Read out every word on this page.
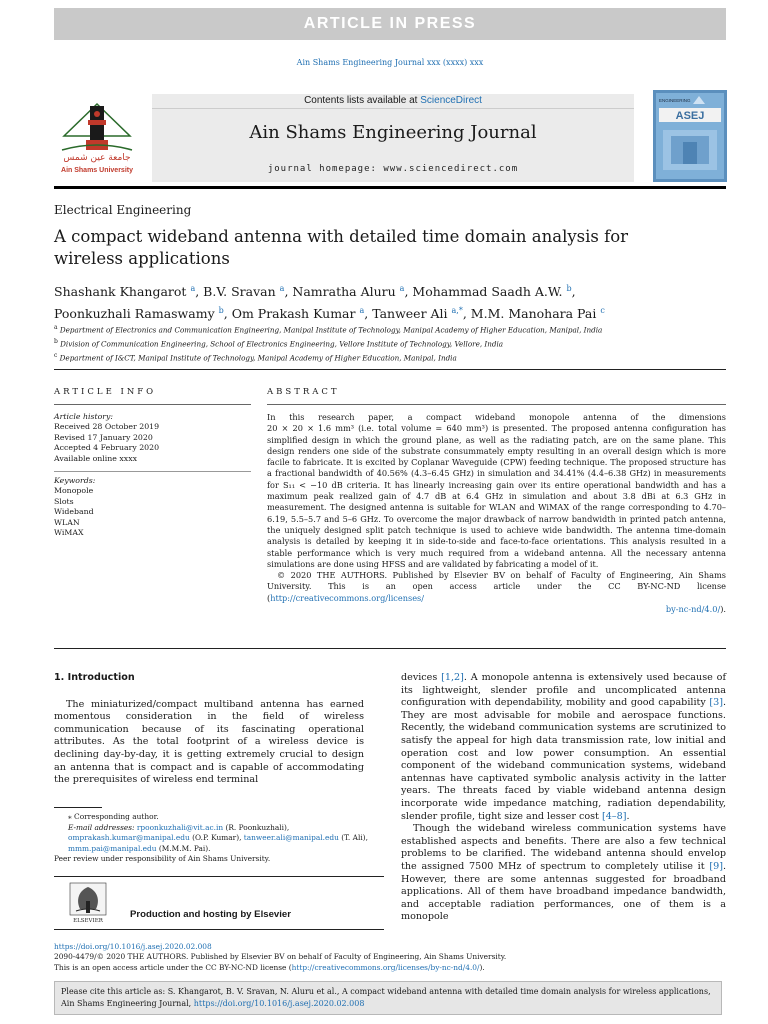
ARTICLE IN PRESS
Ain Shams Engineering Journal xxx (xxxx) xxx
جامعة عين شمس
Ain Shams University
Contents lists available at ScienceDirect
Ain Shams Engineering Journal
journal homepage: www.sciencedirect.com
ENGINEERING
ASEJ
Electrical Engineering
A compact wideband antenna with detailed time domain analysis for wireless applications
Shashank Khangarot $^a$, B.V. Sravan $^a$, Namratha Aluru $^a$, Mohammad Saadh A.W. $^b$,
Poonkuzhali Ramaswamy $^b$, Om Prakash Kumar $^a$, Tanweer Ali $^{a,*}$, M.M. Manohara Pai $^c$
$^a$ Department of Electronics and Communication Engineering, Manipal Institute of Technology, Manipal Academy of Higher Education, Manipal, India
$^b$ Division of Communication Engineering, School of Electronics Engineering, Vellore Institute of Technology, Vellore, India
$^c$ Department of I&CT, Manipal Institute of Technology, Manipal Academy of Higher Education, Manipal, India
ARTICLE INFO	ABSTRACT
Article history:
Received 28 October 2019
Revised 17 January 2020
Accepted 4 February 2020
Available online xxxx
Keywords:
Monopole
Slots
Wideband
WLAN
WiMAX
In this research paper, a compact wideband monopole antenna of the dimensions
20 × 20 × 1.6 mm³ (i.e. total volume = 640 mm³) is presented. The proposed antenna configuration has simplified design in which the ground plane, as well as the radiating patch, are on the same plane. This design renders one side of the substrate consummately empty resulting in an overall design which is more facile to fabricate. It is excited by Coplanar Waveguide (CPW) feeding technique. The proposed structure has a fractional bandwidth of 40.56% (4.3–6.45 GHz) in simulation and 34.41% (4.4–6.38 GHz) in measurements for S₁₁ < −10 dB criteria. It has linearly increasing gain over its entire operational bandwidth and has a maximum peak realized gain of 4.7 dB at 6.4 GHz in simulation and about 3.8 dBi at 6.3 GHz in measurement. The designed antenna is suitable for WLAN and WiMAX of the range corresponding to 4.70–6.19, 5.5–5.7 and 5–6 GHz. To overcome the major drawback of narrow bandwidth in printed patch antenna, the uniquely designed split patch technique is used to achieve wide bandwidth. The antenna time-domain analysis is detailed by keeping it in side-to-side and face-to-face orientations. This analysis resulted in a stable performance which is very much required from a wideband antenna. All the necessary antenna simulations are done using HFSS and are validated by fabricating a model of it.
© 2020 THE AUTHORS. Published by Elsevier BV on behalf of Faculty of Engineering, Ain Shams University. This is an open access article under the CC BY-NC-ND license (http://creativecommons.org/licenses/
by-nc-nd/4.0/).
1. Introduction

The miniaturized/compact multiband antenna has earned momentous consideration in the field of wireless communication because of its fascinating operational attributes. As the total footprint of a wireless device is declining day-by-day, it is getting extremely crucial to design an antenna that is compact and is capable of accommodating the prerequisites of wireless end terminal

devices [1,2]. A monopole antenna is extensively used because of its lightweight, slender profile and uncomplicated antenna configuration with dependability, mobility and good capability [3]. They are most advisable for mobile and aerospace functions. Recently, the wideband communication systems are scrutinized to satisfy the appeal for high data transmission rate, low initial and operation cost and low power consumption. An essential component of the wideband communication systems, wideband antennas have captivated symbolic analysis activity in the latter years. The threats faced by viable wideband antenna design incorporate wide impedance matching, radiation dependability, slender profile, tight size and lesser cost [4–8].

Though the wideband wireless communication systems have established aspects and benefits. There are also a few technical problems to be clarified. The wideband antenna should envelop the assigned 7500 MHz of spectrum to completely utilise it [9]. However, there are some antennas suggested for broadband applications. All of them have broadband impedance bandwidth, and acceptable radiation performances, one of them is a monopole

⁎ Corresponding author.
E-mail addresses: rpoonkuzhali@vit.ac.in (R. Poonkuzhali), omprakash.kumar@manipal.edu (O.P. Kumar), tanweer.ali@manipal.edu (T. Ali), mmm.pai@manipal.edu (M.M.M. Pai).
Peer review under responsibility of Ain Shams University.
ELSEVIER
Production and hosting by Elsevier
https://doi.org/10.1016/j.asej.2020.02.008
2090-4479/© 2020 THE AUTHORS. Published by Elsevier BV on behalf of Faculty of Engineering, Ain Shams University.
This is an open access article under the CC BY-NC-ND license (http://creativecommons.org/licenses/by-nc-nd/4.0/).
Please cite this article as: S. Khangarot, B. V. Sravan, N. Aluru et al., A compact wideband antenna with detailed time domain analysis for wireless applications, Ain Shams Engineering Journal, https://doi.org/10.1016/j.asej.2020.02.008
